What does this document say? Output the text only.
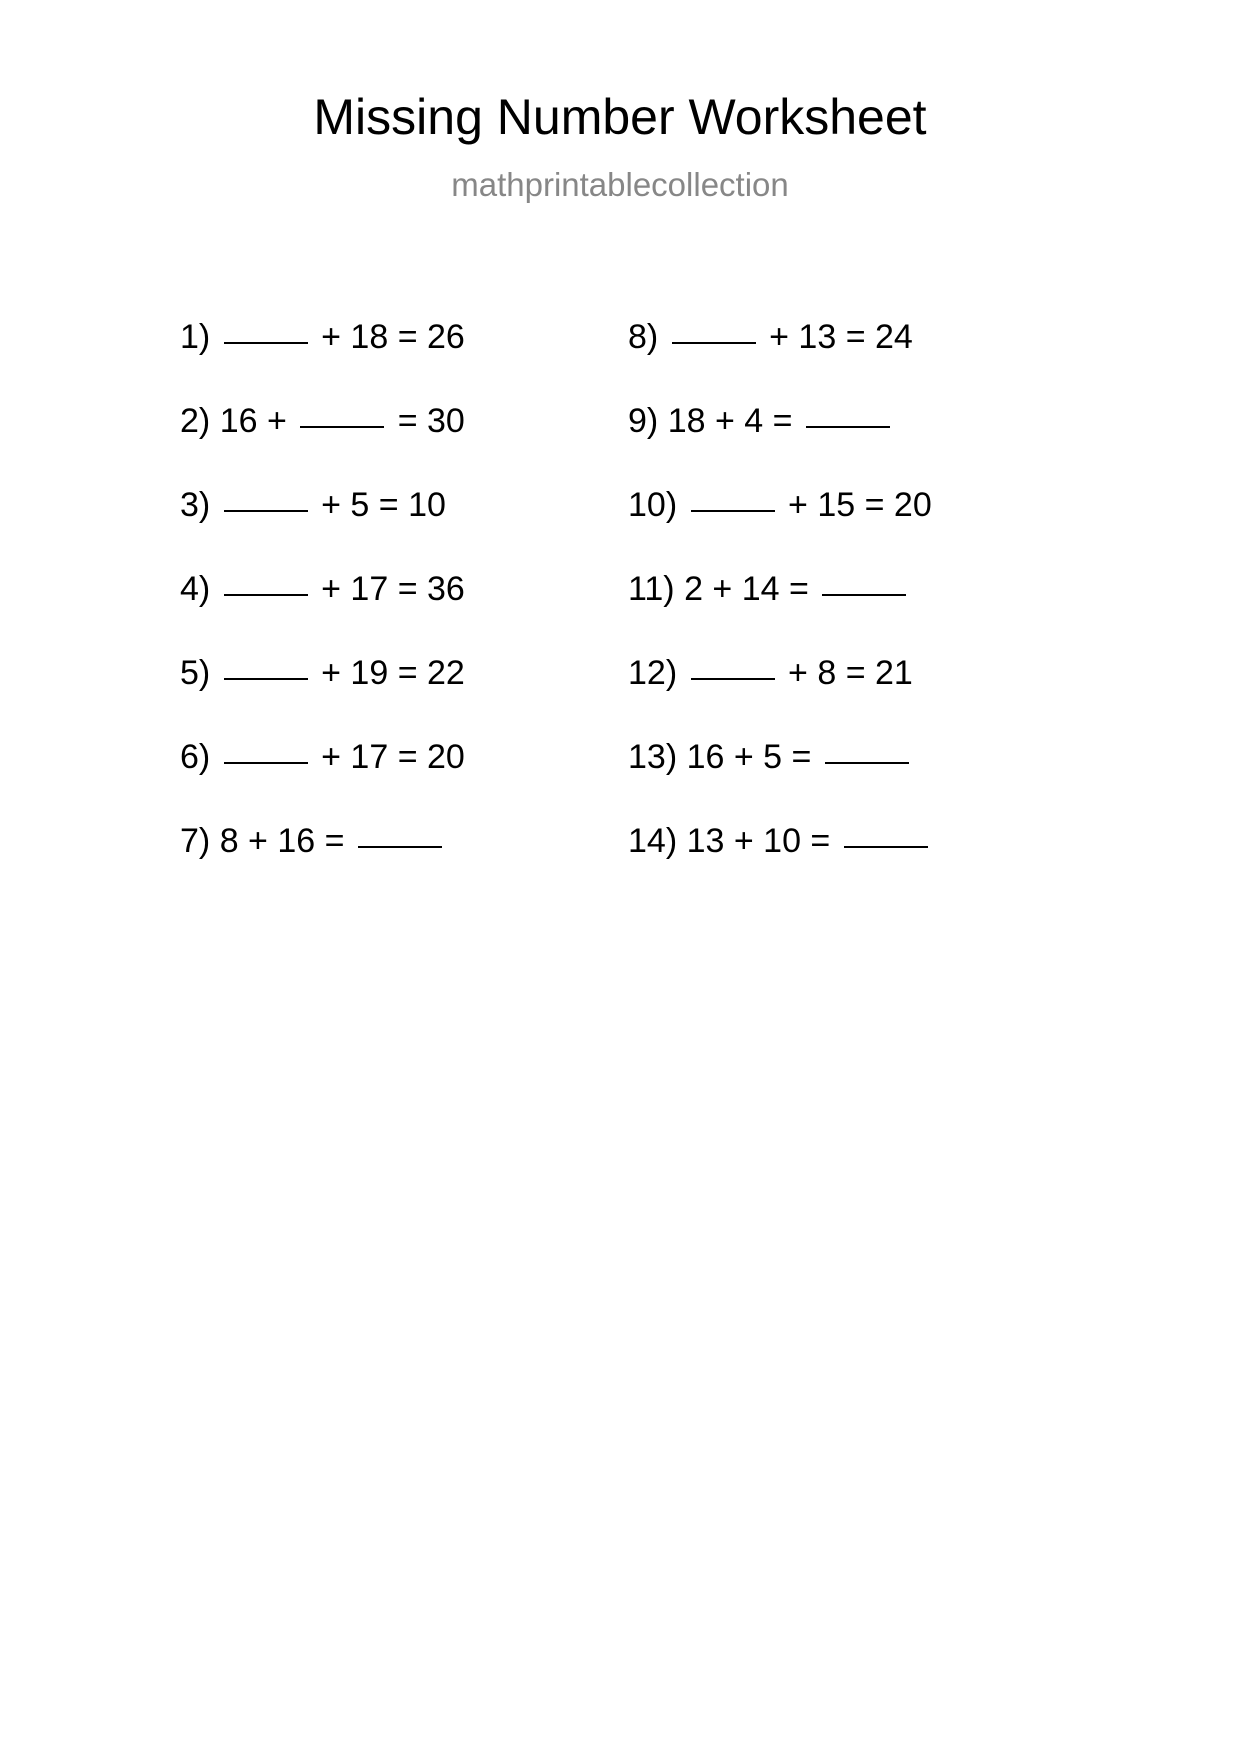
Missing Number Worksheet
mathprintablecollection
1)	+ 18 = 26
2) 16 +	= 30
3)	+ 5 = 10
4)	+ 17 = 36
5)	+ 19 = 22
6)	+ 17 = 20
7) 8 + 16 =
8)	+ 13 = 24
9) 18 + 4 =
10)	+ 15 = 20
11) 2 + 14 =
12)	+ 8 = 21
13) 16 + 5 =
14) 13 + 10 =
